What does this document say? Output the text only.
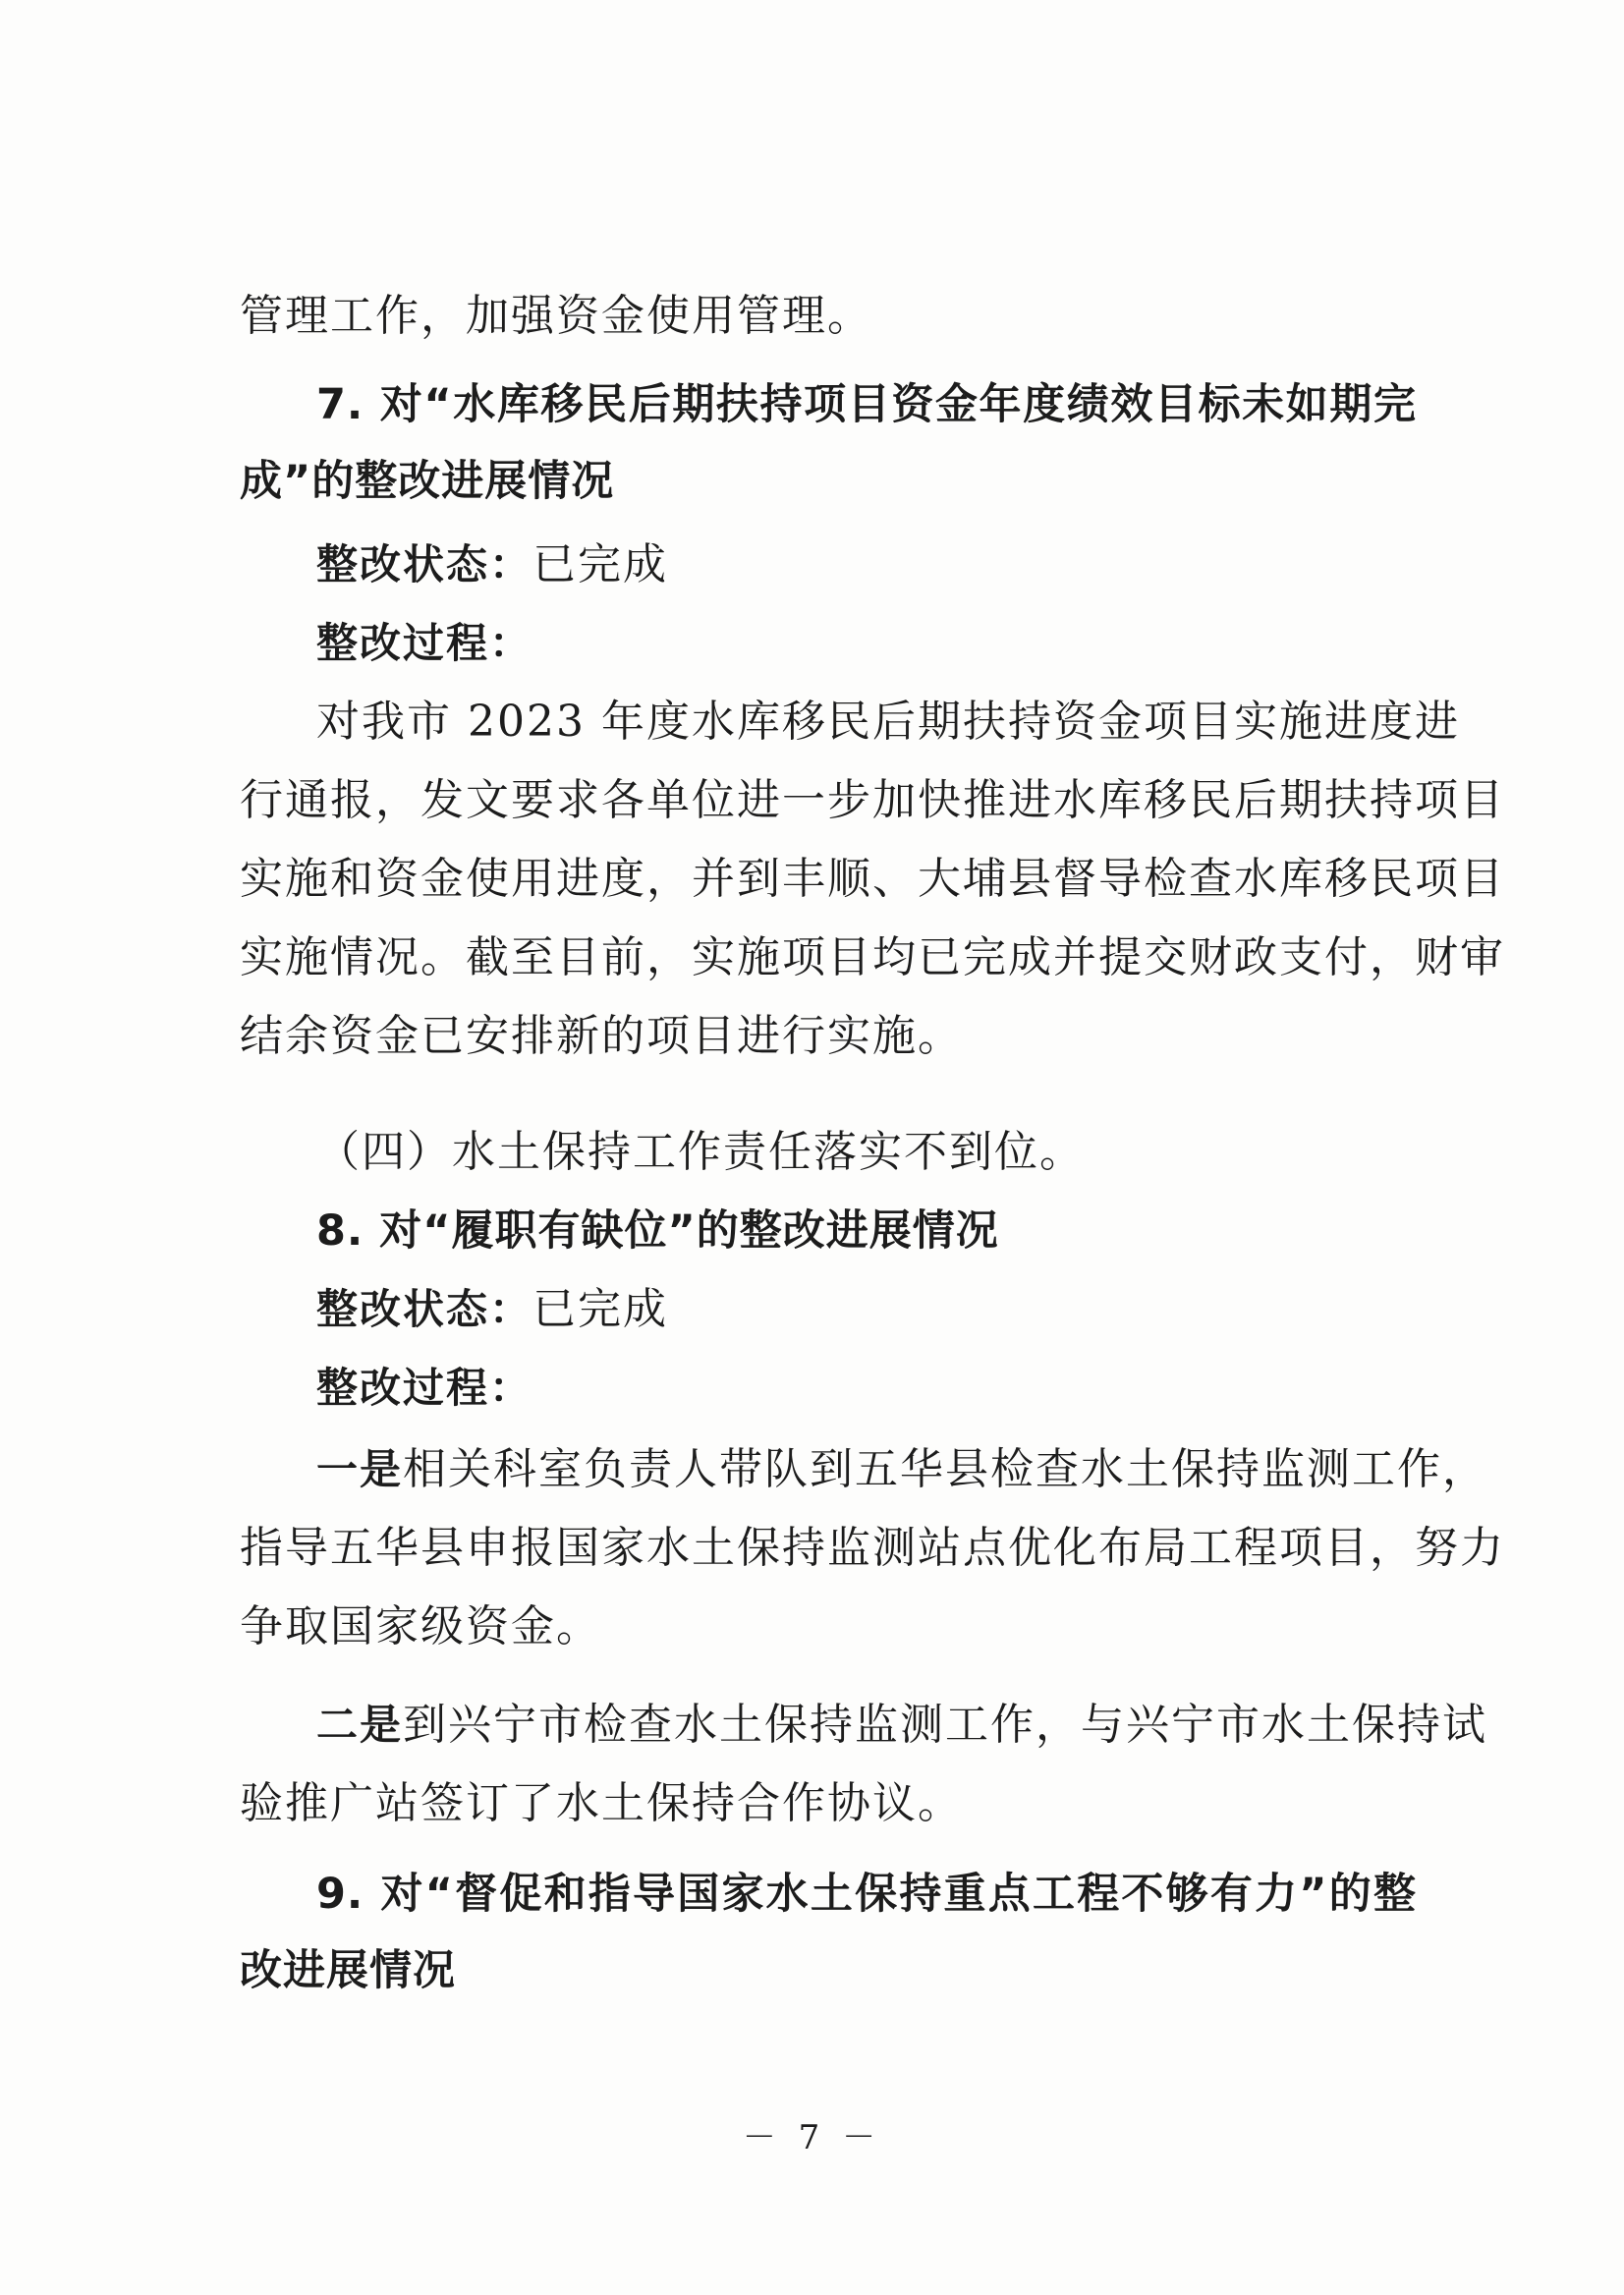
管理工作，加强资金使用管理。
7. 对“水库移民后期扶持项目资金年度绩效目标未如期完
成”的整改进展情况
整改状态：已完成
整改过程：
对我市 2023 年度水库移民后期扶持资金项目实施进度进
行通报，发文要求各单位进一步加快推进水库移民后期扶持项目
实施和资金使用进度，并到丰顺、大埔县督导检查水库移民项目
实施情况。截至目前，实施项目均已完成并提交财政支付，财审
结余资金已安排新的项目进行实施。
（四）水土保持工作责任落实不到位。
8. 对“履职有缺位”的整改进展情况
整改状态：已完成
整改过程：
一是相关科室负责人带队到五华县检查水土保持监测工作，
指导五华县申报国家水土保持监测站点优化布局工程项目，努力
争取国家级资金。
二是到兴宁市检查水土保持监测工作，与兴宁市水土保持试
验推广站签订了水土保持合作协议。
9. 对“督促和指导国家水土保持重点工程不够有力”的整
改进展情况
－ 7 －
